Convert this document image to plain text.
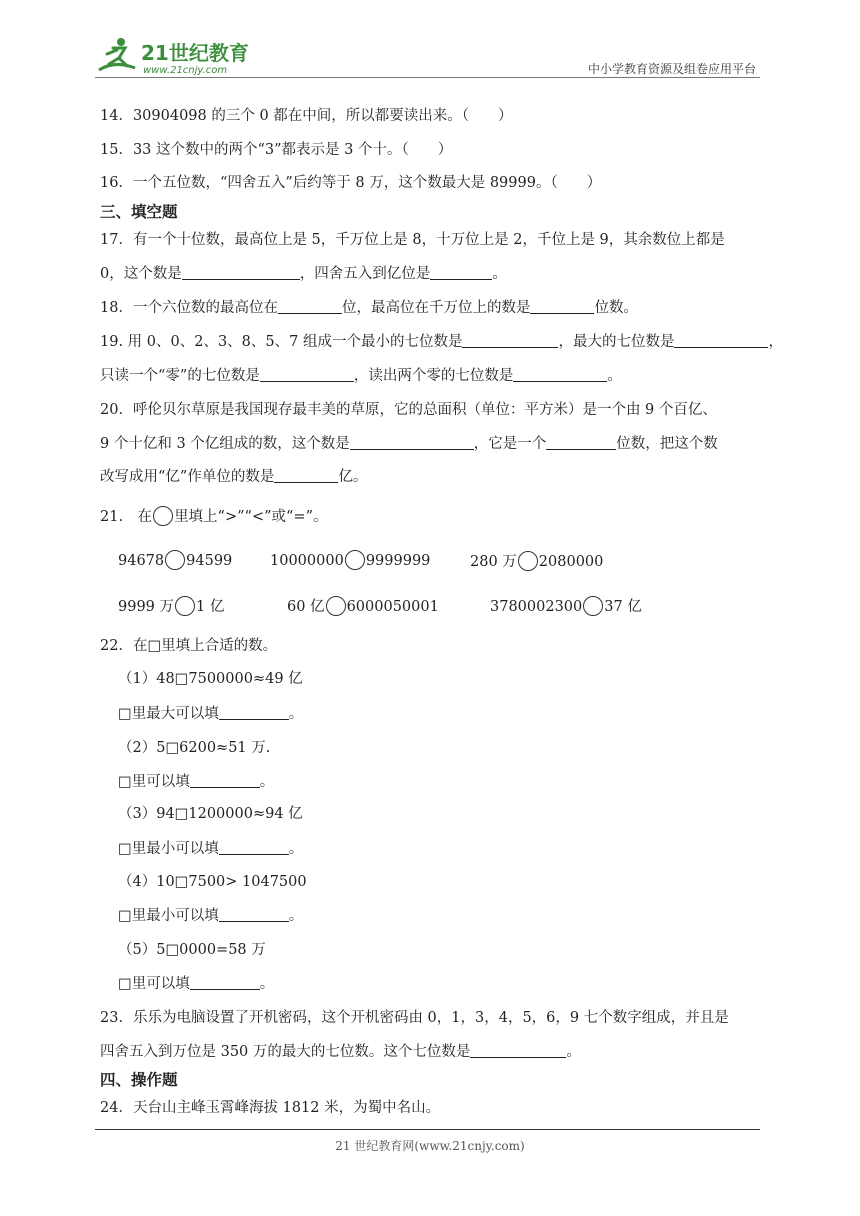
21世纪教育
www.21cnjy.com	中小学教育资源及组卷应用平台
14．30904098 的三个 0 都在中间，所以都要读出来。（　　）
15．33 这个数中的两个“3”都表示是 3 个十。（　　）
16．一个五位数，“四舍五入”后约等于 8 万，这个数最大是 89999。（　　）
三、填空题
17．有一个十位数，最高位上是 5，千万位上是 8，十万位上是 2，千位上是 9，其余数位上都是
0，这个数是	，四舍五入到亿位是	。
18．一个六位数的最高位在	位，最高位在千万位上的数是	位数。
19. 用 0、0、2、3、8、5、7 组成一个最小的七位数是	，最大的七位数是	，
只读一个“零”的七位数是	，读出两个零的七位数是	。
20．呼伦贝尔草原是我国现存最丰美的草原，它的总面积（单位：平方米）是一个由 9 个百亿、
9 个十亿和 3 个亿组成的数，这个数是	，它是一个	位数，把这个数
改写成用“亿”作单位的数是	亿。
21.　在 里填上“>”“<”或“=”。
94678 94599	10000000 9999999	280 万 2080000
9999 万 1 亿	60 亿 6000050001	3780002300 37 亿
22．在□里填上合适的数。
（1）48□7500000≈49 亿
□里最大可以填	。
（2）5□6200≈51 万.
□里可以填	。
（3）94□1200000≈94 亿
□里最小可以填	。
（4）10□7500> 1047500
□里最小可以填	。
（5）5□0000=58 万
□里可以填	。
23．乐乐为电脑设置了开机密码，这个开机密码由 0，1，3，4，5，6，9 七个数字组成，并且是
四舍五入到万位是 350 万的最大的七位数。这个七位数是	。
四、操作题
24．天台山主峰玉霄峰海拔 1812 米，为蜀中名山。
21 世纪教育网(www.21cnjy.com)
